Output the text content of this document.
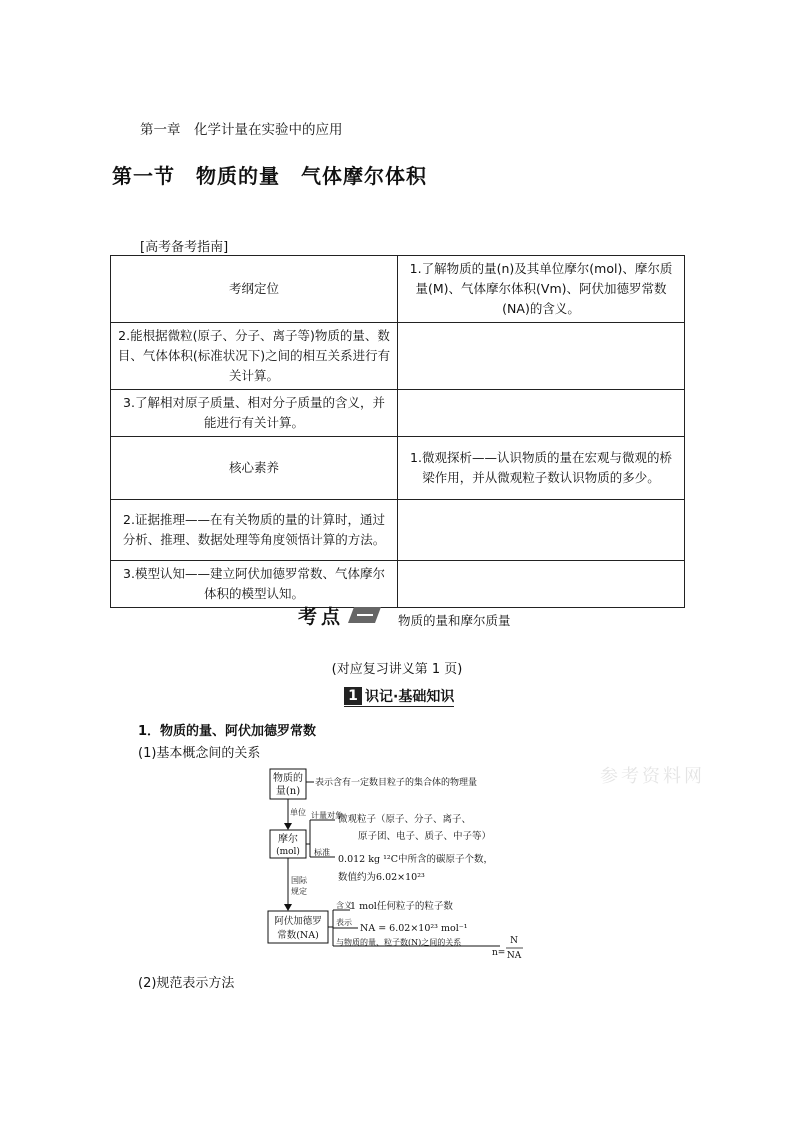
第一章　化学计量在实验中的应用
第一节　物质的量　气体摩尔体积
[高考备考指南]
考纲定位	1.了解物质的量(n)及其单位摩尔(mol)、摩尔质量(M)、气体摩尔体积(Vm)、阿伏加德罗常数(NA)的含义。
2.能根据微粒(原子、分子、离子等)物质的量、数目、气体体积(标准状况下)之间的相互关系进行有关计算。	
3.了解相对原子质量、相对分子质量的含义，并能进行有关计算。	
核心素养	1.微观探析——认识物质的量在宏观与微观的桥梁作用，并从微观粒子数认识物质的多少。
2.证据推理——在有关物质的量的计算时，通过分析、推理、数据处理等角度领悟计算的方法。	
3.模型认知——建立阿伏加德罗常数、气体摩尔体积的模型认知。	
考点	物质的量和摩尔质量
(对应复习讲义第 1 页)
1 识记·基础知识
1．物质的量、阿伏加德罗常数
(1)基本概念间的关系
参考资料网
物质的
量(n)
表示含有一定数目粒子的集合体的物理量
单位
摩尔
(mol)
计量对象
标准
微观粒子（原子、分子、离子、
原子团、电子、质子、中子等）
0.012 kg ¹²C中所含的碳原子个数，
数值约为6.02×10²³
国际
规定
阿伏加德罗
常数(NA)
含义
1 mol任何粒子的粒子数
表示
NA = 6.02×10²³ mol⁻¹
与物质的量、粒子数(N)之间的关系
n=
N
NA
(2)规范表示方法
